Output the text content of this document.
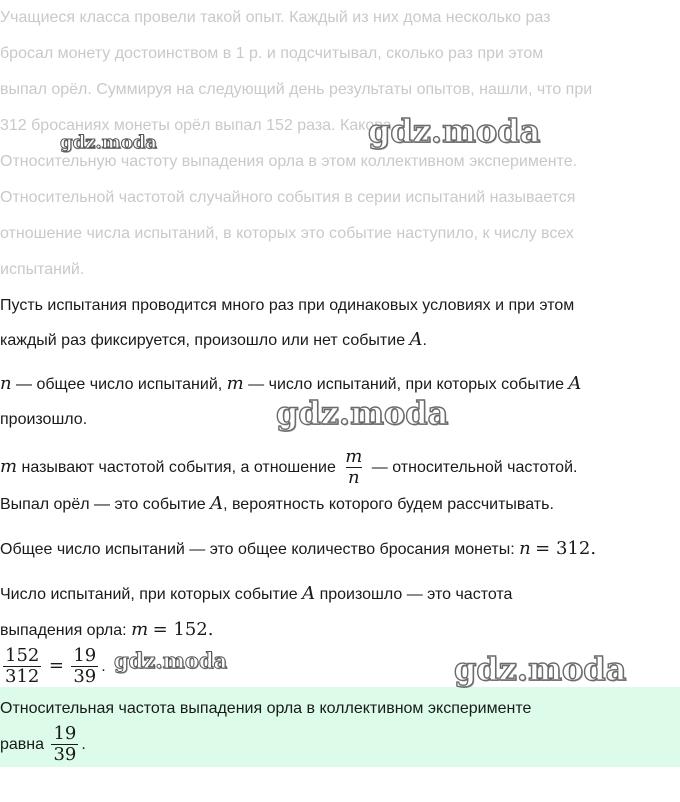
Учащиеся класса провели такой опыт. Каждый из них дома несколько раз

бросал монету достоинством в 1 р. и подсчитывал, сколько раз при этом

выпал орёл. Суммируя на следующий день результаты опытов, нашли, что при

312 бросаниях монеты орёл выпал 152 раза. Какова

Относительную частоту выпадения орла в этом коллективном эксперименте.

Относительной частотой случайного события в серии испытаний называется

отношение числа испытаний, в которых это событие наступило, к числу всех

испытаний.

Пусть испытания проводится много раз при одинаковых условиях и при этом

каждый раз фиксируется, произошло или нет событие A.

n — общее число испытаний, m — число испытаний, при которых событие A

произошло.

m называют частотой события, а отношение $\frac{m}{n}$ — относительной частотой.

Выпал орёл — это событие A, вероятность которого будем рассчитывать.

Общее число испытаний — это общее количество бросания монеты: n = 312.

Число испытаний, при которых событие A произошло — это частота

выпадения орла: m = 152.

$\frac{152}{312} = \frac{19}{39}$ .

Относительная частота выпадения орла в коллективном эксперименте

равна $\frac{19}{39}$ .

gdz.moda	gdz.moda
gdz.moda
gdz.moda	gdz.moda
